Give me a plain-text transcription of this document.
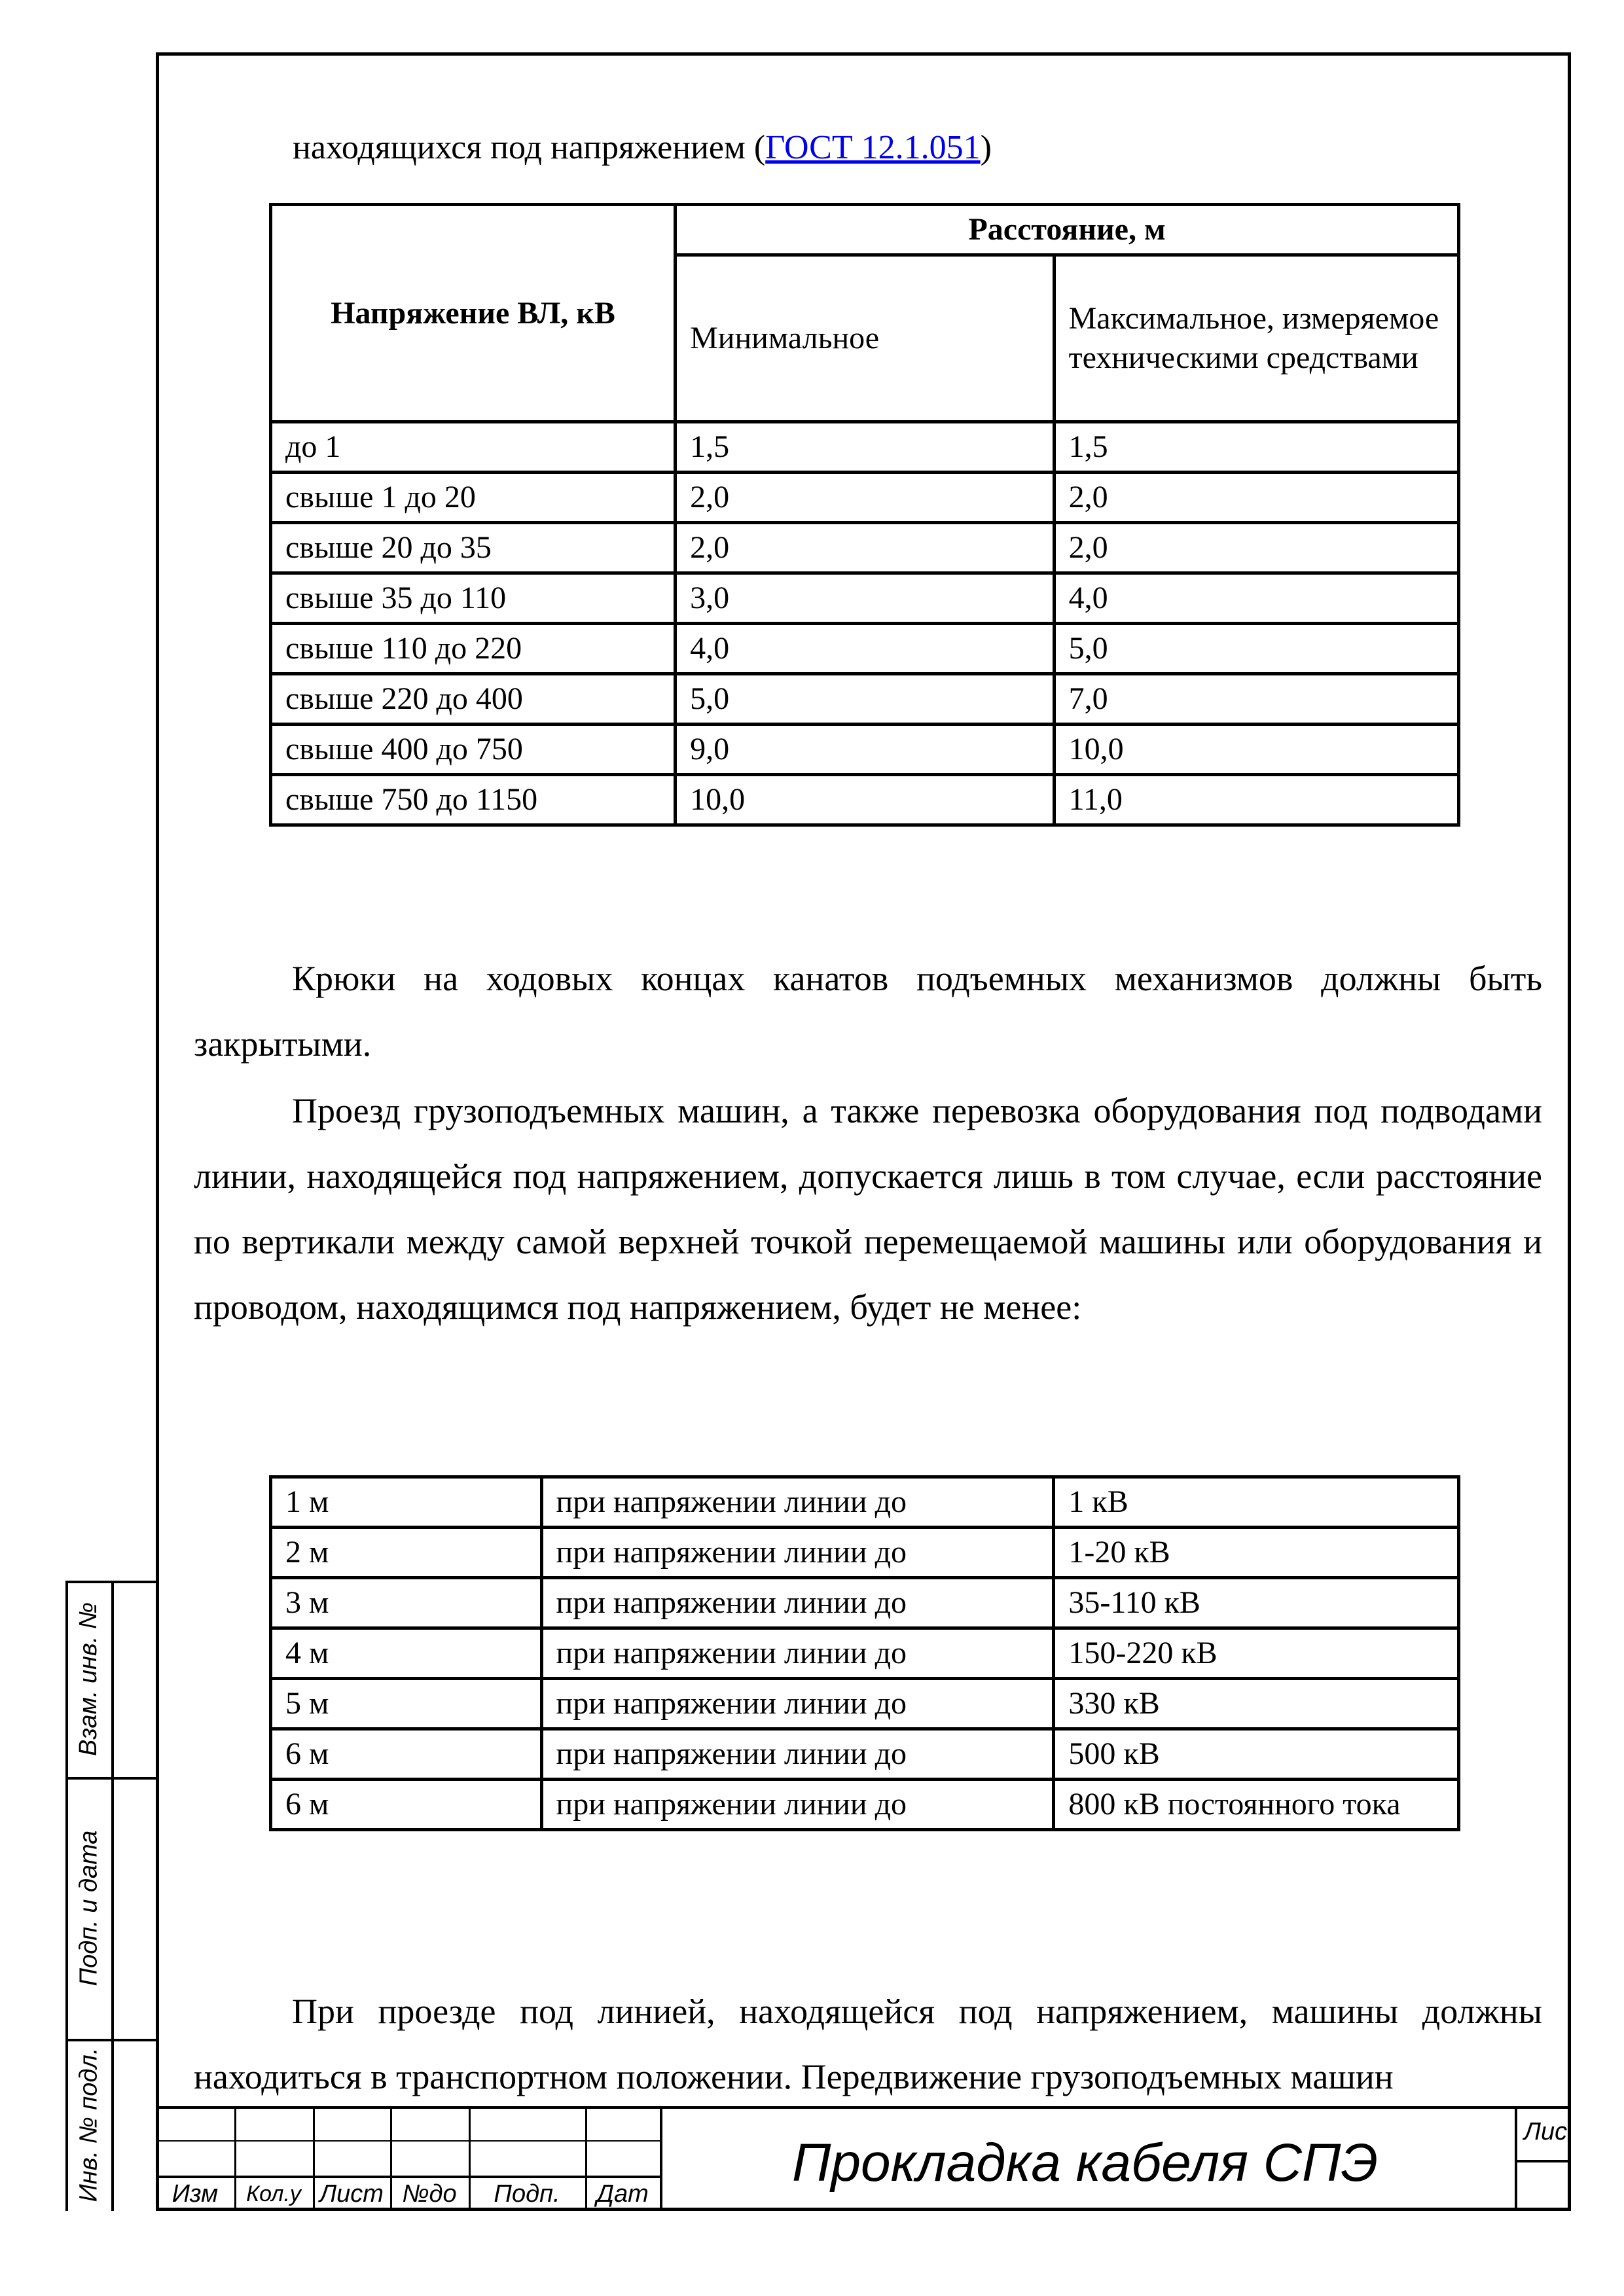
Взам. инв. №
Подп. и дата
Инв. № подл.
находящихся под напряжением (ГОСТ 12.1.051)
Напряжение ВЛ, кВ	Расстояние, м	
	Минимальное	Максимальное, измеряемое техническими средствами
до 1	1,5	1,5
свыше 1 до 20	2,0	2,0
свыше 20 до 35	2,0	2,0
свыше 35 до 110	3,0	4,0
свыше 110 до 220	4,0	5,0
свыше 220 до 400	5,0	7,0
свыше 400 до 750	9,0	10,0
свыше 750 до 1150	10,0	11,0

Крюки на ходовых концах канатов подъемных механизмов должны быть закрытыми.

Проезд грузоподъемных машин, а также перевозка оборудования под подводами линии, находящейся под напряжением, допускается лишь в том случае, если расстояние по вертикали между самой верхней точкой перемещаемой машины или оборудования и проводом, находящимся под напряжением, будет не менее:

1 м	при напряжении линии до	1 кВ
2 м	при напряжении линии до	1-20 кВ
3 м	при напряжении линии до	35-110 кВ
4 м	при напряжении линии до	150-220 кВ
5 м	при напряжении линии до	330 кВ
6 м	при напряжении линии до	500 кВ
6 м	при напряжении линии до	800 кВ постоянного тока

При проезде под линией, находящейся под напряжением, машины должны находиться в транспортном положении. Передвижение грузоподъемных машин

Изм	Кол.у Лист №до	Подп.	Дат
Прокладка кабеля СПЭ
Лис
